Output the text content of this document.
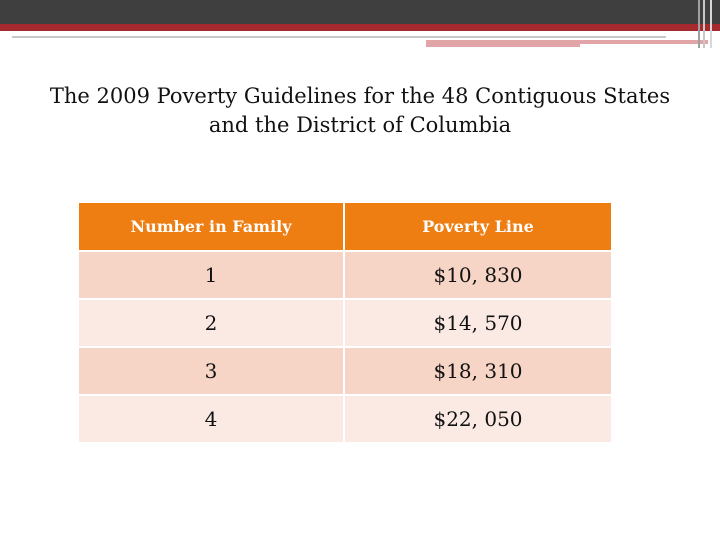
The 2009 Poverty Guidelines for the 48 Contiguous States
and the District of Columbia
Number in Family	Poverty Line
1	$10, 830
2	$14, 570
3	$18, 310
4	$22, 050
